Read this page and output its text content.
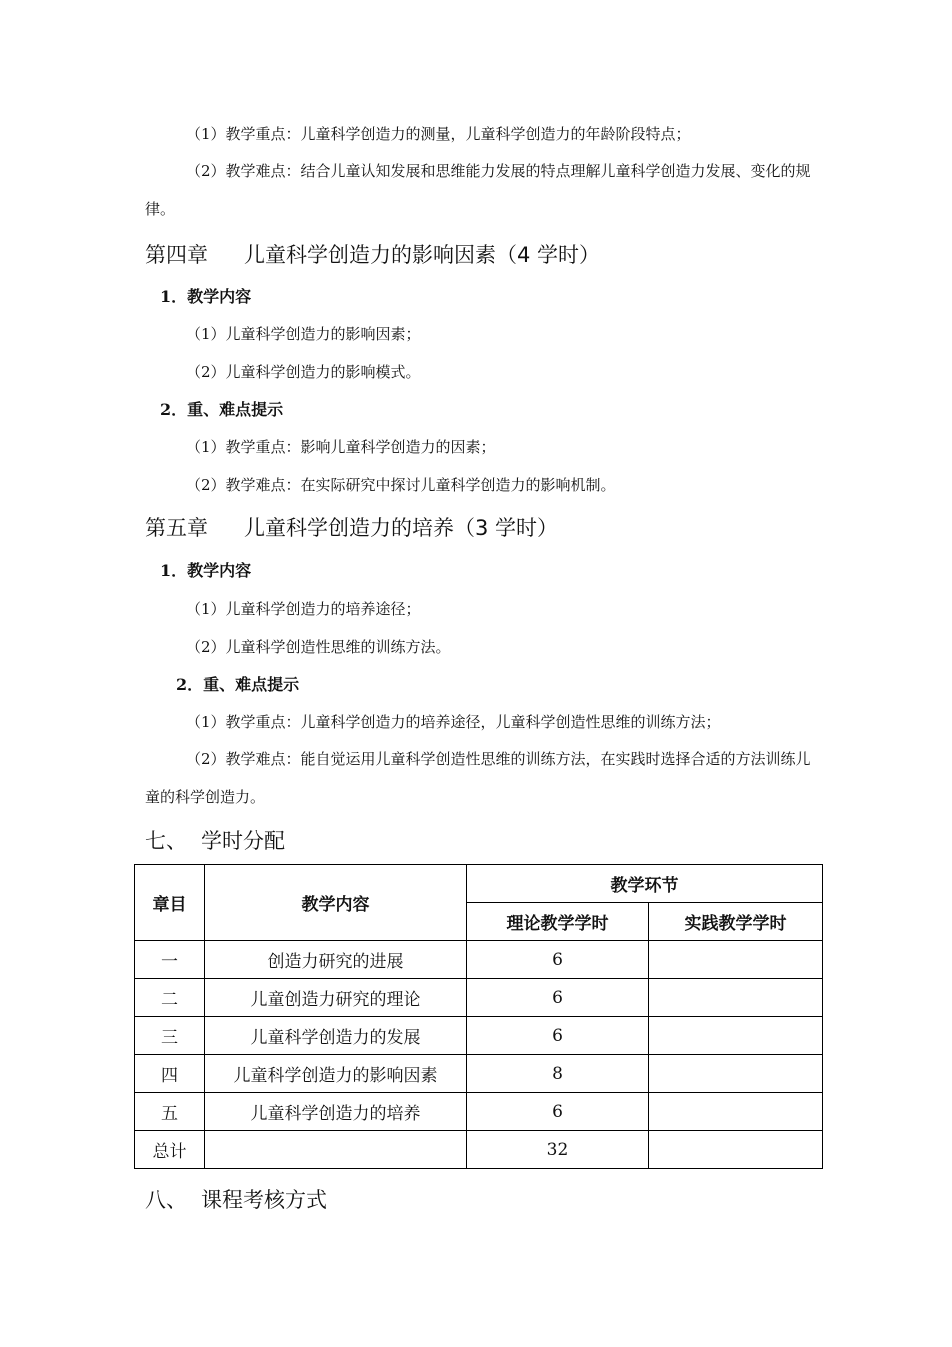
（1）教学重点：儿童科学创造力的测量，儿童科学创造力的年龄阶段特点；
（2）教学难点：结合儿童认知发展和思维能力发展的特点理解儿童科学创造力发展、变化的规律。
第四章 儿童科学创造力的影响因素（4 学时）
1．教学内容
（1）儿童科学创造力的影响因素；
（2）儿童科学创造力的影响模式。
2．重、难点提示
（1）教学重点：影响儿童科学创造力的因素；
（2）教学难点：在实际研究中探讨儿童科学创造力的影响机制。
第五章 儿童科学创造力的培养（3 学时）
1．教学内容
（1）儿童科学创造力的培养途径；
（2）儿童科学创造性思维的训练方法。
2．重、难点提示
（1）教学重点：儿童科学创造力的培养途径，儿童科学创造性思维的训练方法；
（2）教学难点：能自觉运用儿童科学创造性思维的训练方法，在实践时选择合适的方法训练儿童的科学创造力。
七、 学时分配
章目	教学内容	教学环节	
		理论教学学时	实践教学学时
一	创造力研究的进展	6	
二	儿童创造力研究的理论	6	
三	儿童科学创造力的发展	6	
四	儿童科学创造力的影响因素	8	
五	儿童科学创造力的培养	6	
总计		32	
八、 课程考核方式
